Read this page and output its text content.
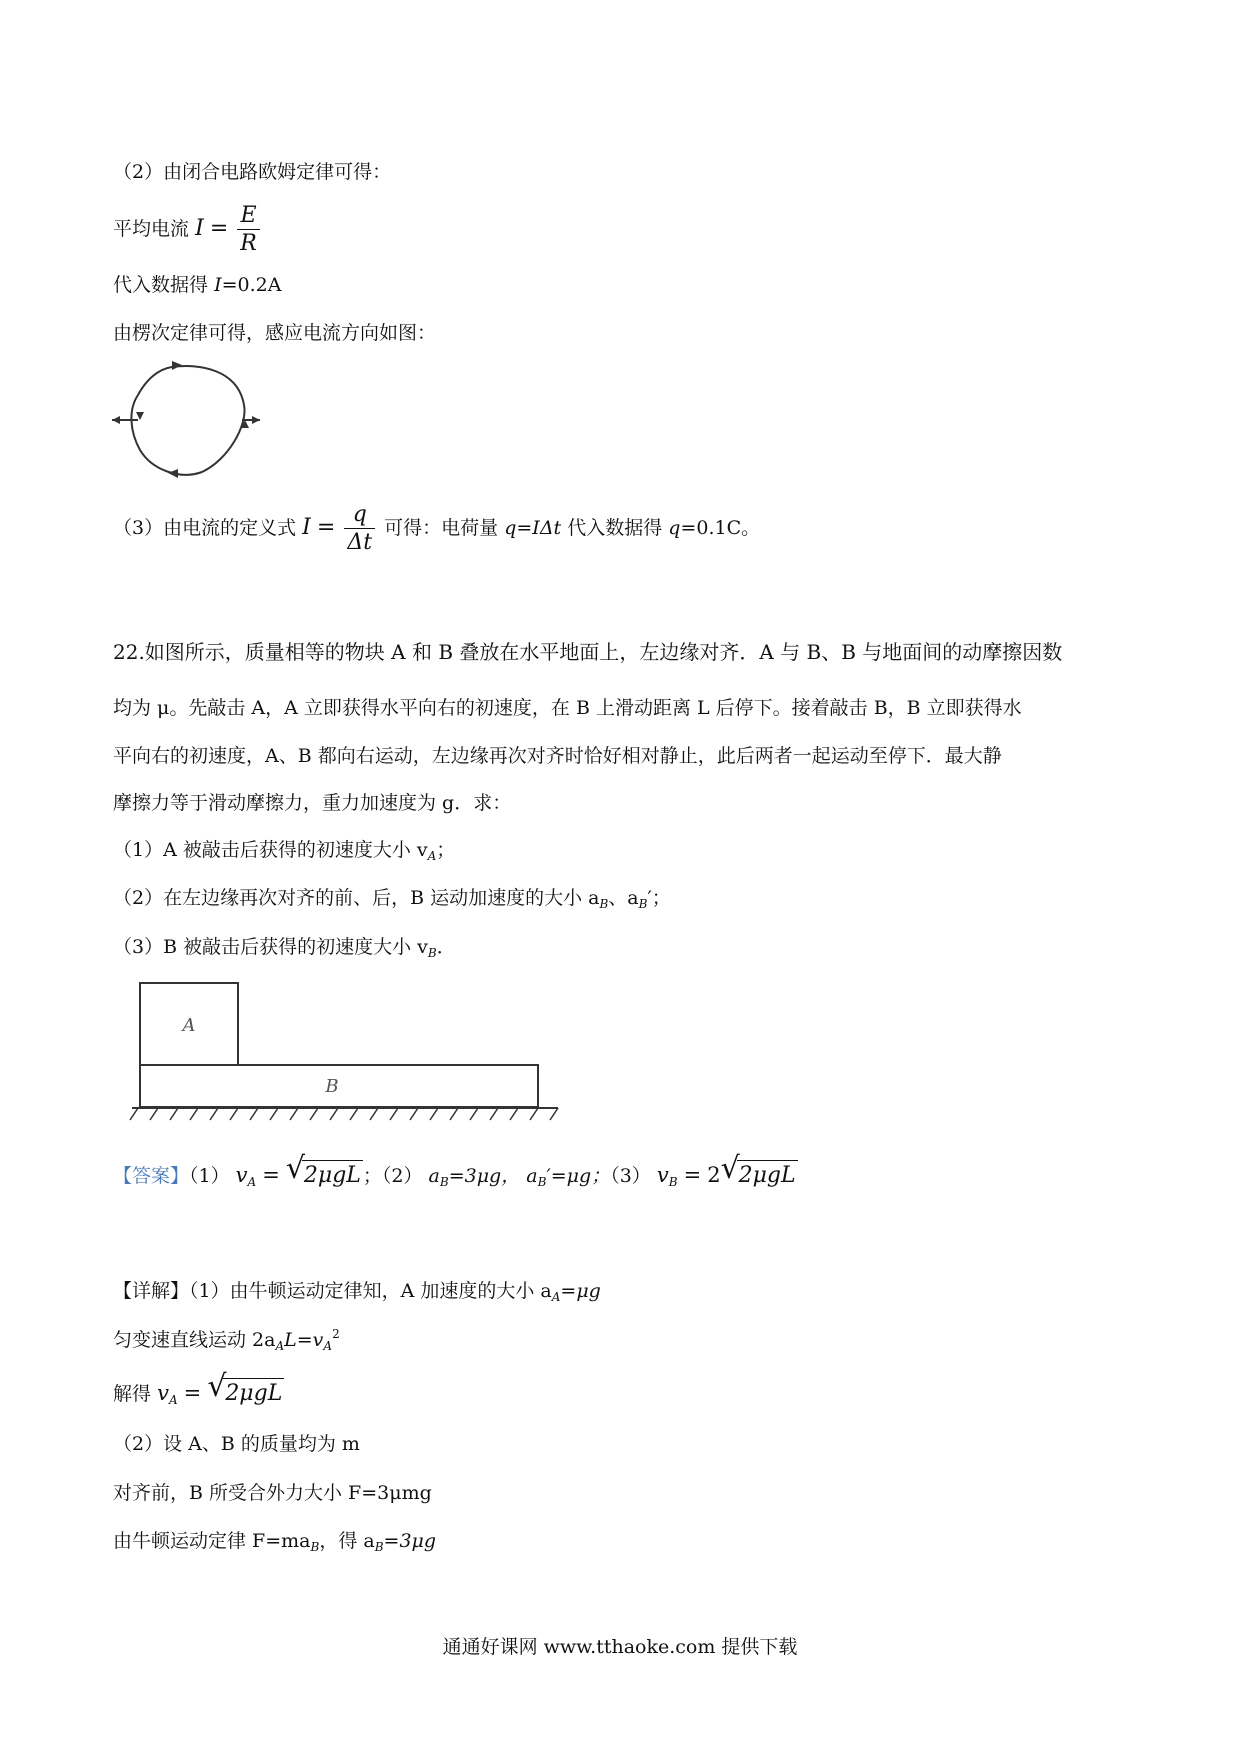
（2）由闭合电路欧姆定律可得：
平均电流 $I = \frac{E}{R}$
代入数据得 I=0.2A
由楞次定律可得，感应电流方向如图：
（3）由电流的定义式 $I = \frac{q}{\Delta t}$ 可得：电荷量 q=IΔt 代入数据得 q=0.1C。
22.如图所示，质量相等的物块 A 和 B 叠放在水平地面上，左边缘对齐．A 与 B、B 与地面间的动摩擦因数
均为 μ。先敲击 A，A 立即获得水平向右的初速度，在 B 上滑动距离 L 后停下。接着敲击 B，B 立即获得水
平向右的初速度，A、B 都向右运动，左边缘再次对齐时恰好相对静止，此后两者一起运动至停下．最大静
摩擦力等于滑动摩擦力，重力加速度为 g．求：
（1）A 被敲击后获得的初速度大小 $v_A$；
（2）在左边缘再次对齐的前、后，B 运动加速度的大小 $a_B$、$a_B'$；
（3）B 被敲击后获得的初速度大小 $v_B$．
A
B
【答案】（1） $v_A$ = √
2μgL ；（2） $a_B=3\mu g$， $a_B'=\mu g$；（3） $v_B = 2$ √
2μgL
【详解】（1）由牛顿运动定律知，A 加速度的大小 $a_A=\mu g$
匀变速直线运动 $2a_AL=v_A^2$
解得 $v_A$ = √
2μgL
（2）设 A、B 的质量均为 m
对齐前，B 所受合外力大小 F=3μmg
由牛顿运动定律 $F=ma_B$，得 $a_B=3\mu g$
通通好课网 www.tthaoke.com 提供下载
